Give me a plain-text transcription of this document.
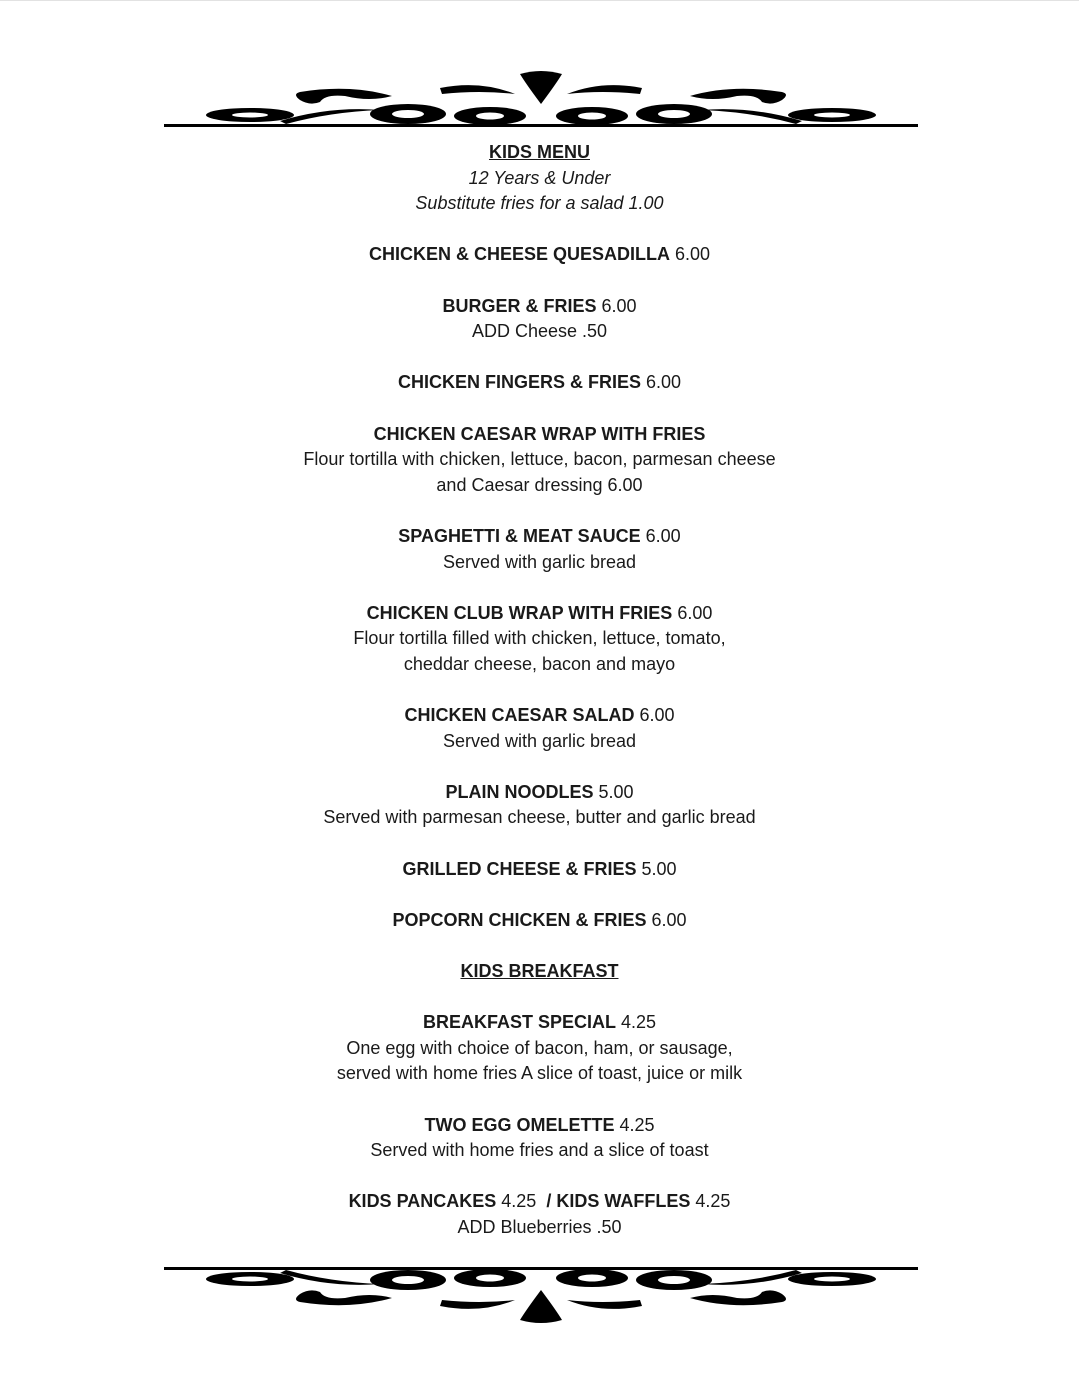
KIDS MENU

12 Years & Under

Substitute fries for a salad 1.00

CHICKEN & CHEESE QUESADILLA 6.00

BURGER & FRIES 6.00

ADD Cheese .50

CHICKEN FINGERS & FRIES 6.00

CHICKEN CAESAR WRAP WITH FRIES

Flour tortilla with chicken, lettuce, bacon, parmesan cheese

and Caesar dressing 6.00

SPAGHETTI & MEAT SAUCE 6.00

Served with garlic bread

CHICKEN CLUB WRAP WITH FRIES 6.00

Flour tortilla filled with chicken, lettuce, tomato,

cheddar cheese, bacon and mayo

CHICKEN CAESAR SALAD 6.00

Served with garlic bread

PLAIN NOODLES 5.00

Served with parmesan cheese, butter and garlic bread

GRILLED CHEESE & FRIES 5.00

POPCORN CHICKEN & FRIES 6.00

KIDS BREAKFAST

BREAKFAST SPECIAL 4.25

One egg with choice of bacon, ham, or sausage,

served with home fries A slice of toast, juice or milk

TWO EGG OMELETTE 4.25

Served with home fries and a slice of toast

KIDS PANCAKES 4.25 / KIDS WAFFLES 4.25

ADD Blueberries .50
